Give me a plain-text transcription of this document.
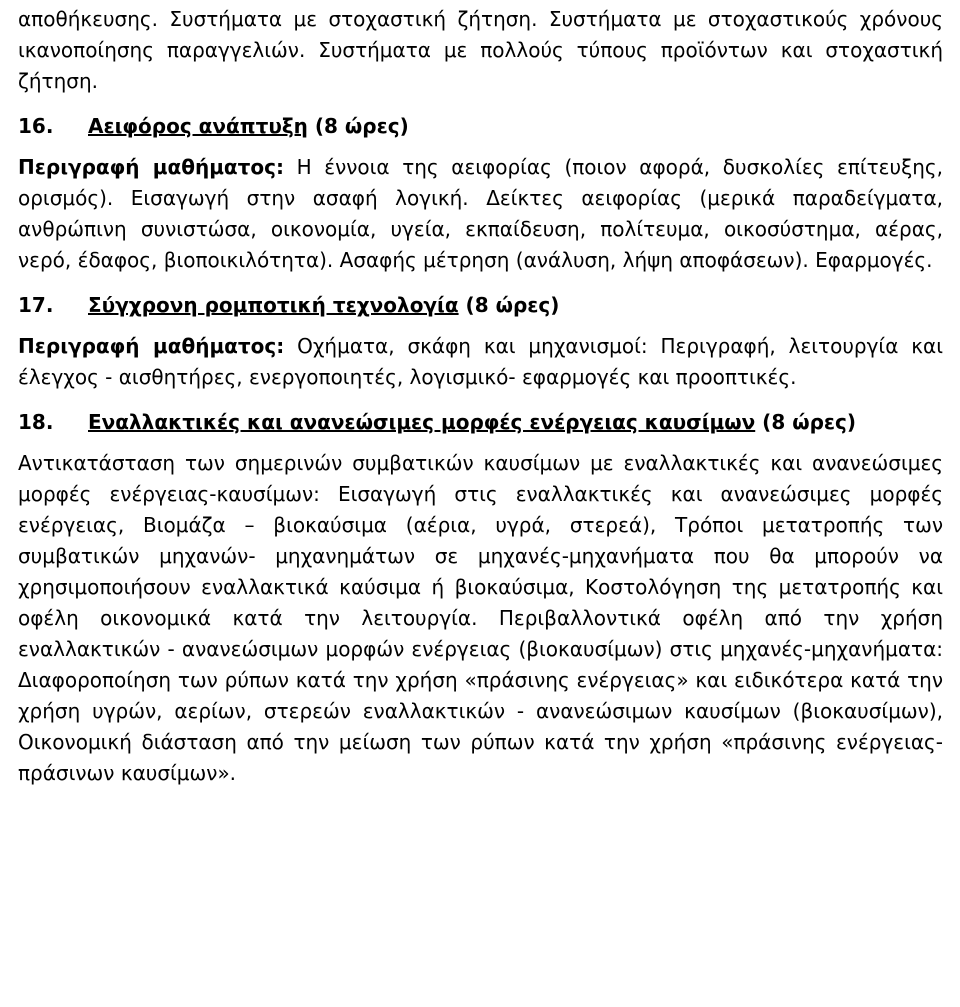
αποθήκευσης. Συστήματα με στοχαστική ζήτηση. Συστήματα με στοχαστικούς χρόνους ικανοποίησης παραγγελιών. Συστήματα με πολλούς τύπους προϊόντων και στοχαστική ζήτηση.

16. Αειφόρος ανάπτυξη (8 ώρες)

Περιγραφή μαθήματος: Η έννοια της αειφορίας (ποιον αφορά, δυσκολίες επίτευξης, ορισμός). Εισαγωγή στην ασαφή λογική. Δείκτες αειφορίας (μερικά παραδείγματα, ανθρώπινη συνιστώσα, οικονομία, υγεία, εκπαίδευση, πολίτευμα, οικοσύστημα, αέρας, νερό, έδαφος, βιοποικιλότητα). Ασαφής μέτρηση (ανάλυση, λήψη αποφάσεων). Εφαρμογές.

17. Σύγχρονη ρομποτική τεχνολογία (8 ώρες)

Περιγραφή μαθήματος: Οχήματα, σκάφη και μηχανισμοί: Περιγραφή, λειτουργία και έλεγχος - αισθητήρες, ενεργοποιητές, λογισμικό- εφαρμογές και προοπτικές.

18. Εναλλακτικές και ανανεώσιμες μορφές ενέργειας καυσίμων (8 ώρες)

Αντικατάσταση των σημερινών συμβατικών καυσίμων με εναλλακτικές και ανανεώσιμες μορφές ενέργειας-καυσίμων: Εισαγωγή στις εναλλακτικές και ανανεώσιμες μορφές ενέργειας, Βιομάζα – βιοκαύσιμα (αέρια, υγρά, στερεά), Τρόποι μετατροπής των συμβατικών μηχανών- μηχανημάτων σε μηχανές-μηχανήματα που θα μπορούν να χρησιμοποιήσουν εναλλακτικά καύσιμα ή βιοκαύσιμα, Κοστολόγηση της μετατροπής και οφέλη οικονομικά κατά την λειτουργία. Περιβαλλοντικά οφέλη από την χρήση εναλλακτικών - ανανεώσιμων μορφών ενέργειας (βιοκαυσίμων) στις μηχανές-μηχανήματα: Διαφοροποίηση των ρύπων κατά την χρήση «πράσινης ενέργειας» και ειδικότερα κατά την χρήση υγρών, αερίων, στερεών εναλλακτικών - ανανεώσιμων καυσίμων (βιοκαυσίμων), Οικονομική διάσταση από την μείωση των ρύπων κατά την χρήση «πράσινης ενέργειας-πράσινων καυσίμων».
